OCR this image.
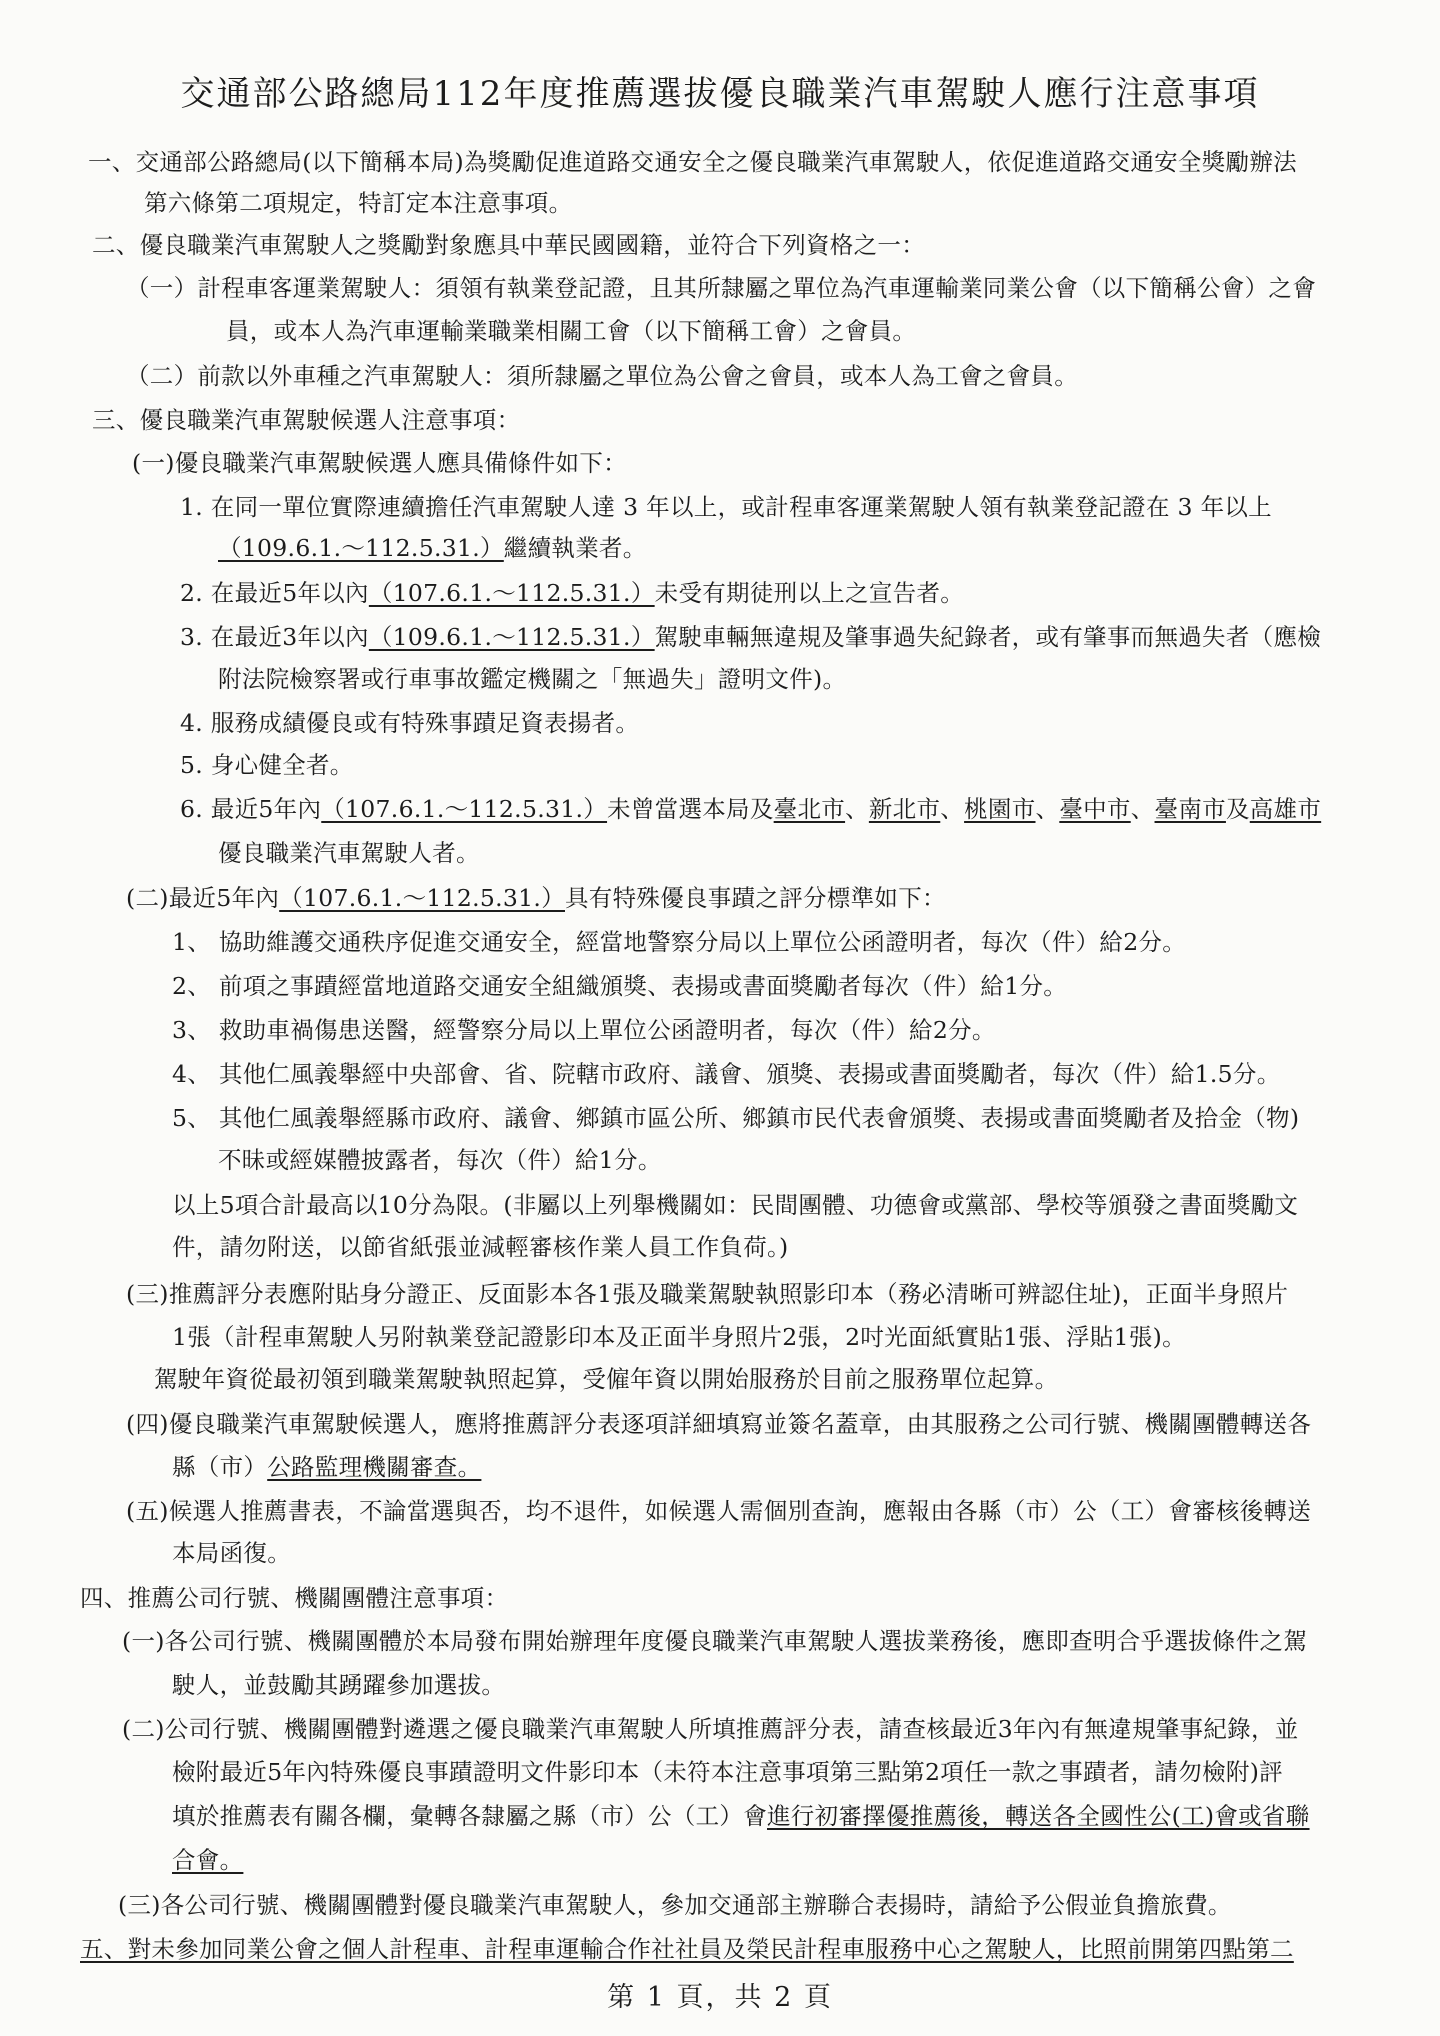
交通部公路總局112年度推薦選拔優良職業汽車駕駛人應行注意事項
一、交通部公路總局(以下簡稱本局)為獎勵促進道路交通安全之優良職業汽車駕駛人，依促進道路交通安全獎勵辦法
第六條第二項規定，特訂定本注意事項。
二、優良職業汽車駕駛人之獎勵對象應具中華民國國籍，並符合下列資格之一：
（一）計程車客運業駕駛人：須領有執業登記證，且其所隸屬之單位為汽車運輸業同業公會（以下簡稱公會）之會
員，或本人為汽車運輸業職業相關工會（以下簡稱工會）之會員。
（二）前款以外車種之汽車駕駛人：須所隸屬之單位為公會之會員，或本人為工會之會員。
三、優良職業汽車駕駛候選人注意事項：
(一)優良職業汽車駕駛候選人應具備條件如下：
1. 在同一單位實際連續擔任汽車駕駛人達 3 年以上，或計程車客運業駕駛人領有執業登記證在 3 年以上
（109.6.1.～112.5.31.）繼續執業者。
2. 在最近5年以內（107.6.1.～112.5.31.）未受有期徒刑以上之宣告者。
3. 在最近3年以內（109.6.1.～112.5.31.）駕駛車輛無違規及肇事過失紀錄者，或有肇事而無過失者（應檢
附法院檢察署或行車事故鑑定機關之「無過失」證明文件)。
4. 服務成績優良或有特殊事蹟足資表揚者。
5. 身心健全者。
6. 最近5年內（107.6.1.～112.5.31.）未曾當選本局及臺北市、新北市、桃園市、臺中市、臺南市及高雄市
優良職業汽車駕駛人者。
(二)最近5年內（107.6.1.～112.5.31.）具有特殊優良事蹟之評分標準如下：
1、 協助維護交通秩序促進交通安全，經當地警察分局以上單位公函證明者，每次（件）給2分。
2、 前項之事蹟經當地道路交通安全組織頒獎、表揚或書面獎勵者每次（件）給1分。
3、 救助車禍傷患送醫，經警察分局以上單位公函證明者，每次（件）給2分。
4、 其他仁風義舉經中央部會、省、院轄市政府、議會、頒獎、表揚或書面獎勵者，每次（件）給1.5分。
5、 其他仁風義舉經縣市政府、議會、鄉鎮市區公所、鄉鎮市民代表會頒獎、表揚或書面獎勵者及拾金（物)
不昧或經媒體披露者，每次（件）給1分。
以上5項合計最高以10分為限。(非屬以上列舉機關如：民間團體、功德會或黨部、學校等頒發之書面獎勵文
件，請勿附送，以節省紙張並減輕審核作業人員工作負荷。)
(三)推薦評分表應附貼身分證正、反面影本各1張及職業駕駛執照影印本（務必清晰可辨認住址)，正面半身照片
1張（計程車駕駛人另附執業登記證影印本及正面半身照片2張，2吋光面紙實貼1張、浮貼1張)。
駕駛年資從最初領到職業駕駛執照起算，受僱年資以開始服務於目前之服務單位起算。
(四)優良職業汽車駕駛候選人，應將推薦評分表逐項詳細填寫並簽名蓋章，由其服務之公司行號、機關團體轉送各
縣（市）公路監理機關審查。
(五)候選人推薦書表，不論當選與否，均不退件，如候選人需個別查詢，應報由各縣（市）公（工）會審核後轉送
本局函復。
四、推薦公司行號、機關團體注意事項：
(一)各公司行號、機關團體於本局發布開始辦理年度優良職業汽車駕駛人選拔業務後，應即查明合乎選拔條件之駕
駛人，並鼓勵其踴躍參加選拔。
(二)公司行號、機關團體對遴選之優良職業汽車駕駛人所填推薦評分表，請查核最近3年內有無違規肇事紀錄，並
檢附最近5年內特殊優良事蹟證明文件影印本（未符本注意事項第三點第2項任一款之事蹟者，請勿檢附)評
填於推薦表有關各欄，彙轉各隸屬之縣（市）公（工）會進行初審擇優推薦後，轉送各全國性公(工)會或省聯
合會。
(三)各公司行號、機關團體對優良職業汽車駕駛人，參加交通部主辦聯合表揚時，請給予公假並負擔旅費。
五、對未參加同業公會之個人計程車、計程車運輸合作社社員及榮民計程車服務中心之駕駛人，比照前開第四點第二
第 1 頁，共 2 頁
